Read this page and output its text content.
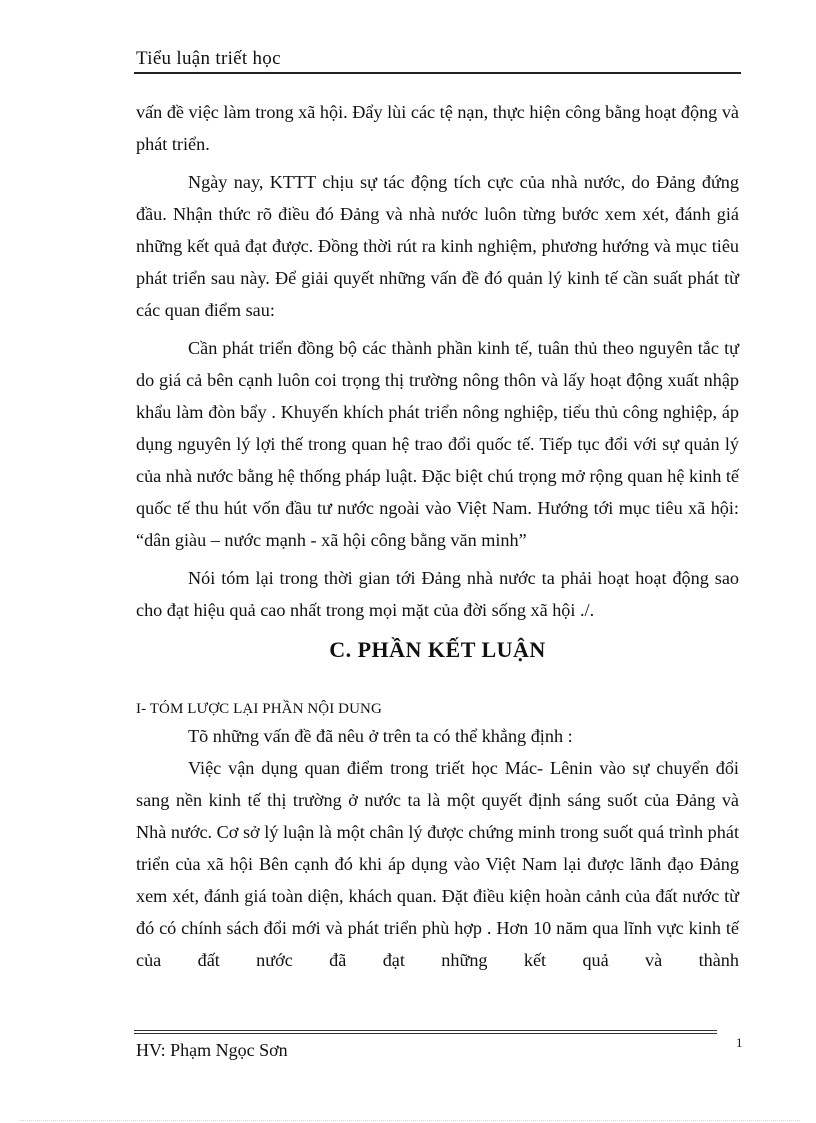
Tiểu luận triết học

vấn đề việc làm trong xã hội. Đẩy lùi các tệ nạn, thực hiện công bằng hoạt động và phát triển.

Ngày nay, KTTT chịu sự tác động tích cực của nhà nước, do Đảng đứng đầu. Nhận thức rõ điều đó Đảng và nhà nước luôn từng bước xem xét, đánh giá những kết quả đạt được. Đồng thời rút ra kinh nghiệm, phương hướng và mục tiêu phát triển sau này. Để giải quyết những vấn đề đó quản lý kinh tế cần suất phát từ các quan điểm sau:

Cần phát triển đồng bộ các thành phần kinh tế, tuân thủ theo nguyên tắc tự do giá cả bên cạnh luôn coi trọng thị trường nông thôn và lấy hoạt động xuất nhập khẩu làm đòn bẩy . Khuyến khích phát triển nông nghiệp, tiểu thủ công nghiệp, áp dụng nguyên lý lợi thế trong quan hệ trao đổi quốc tế. Tiếp tục đổi với sự quản lý của nhà nước bằng hệ thống pháp luật. Đặc biệt chú trọng mở rộng quan hệ kinh tế quốc tế thu hút vốn đầu tư nước ngoài vào Việt Nam. Hướng tới mục tiêu xã hội: “dân giàu – nước mạnh - xã hội công bằng văn minh”

Nói tóm lại trong thời gian tới Đảng nhà nước ta phải hoạt hoạt động sao cho đạt hiệu quả cao nhất trong mọi mặt của đời sống xã hội ./.

C. PHẦN KẾT LUẬN
I- TÓM LƯỢC LẠI PHẦN NỘI DUNG

Tõ những vấn đề đã nêu ở trên ta có thể khẳng định :

Việc vận dụng quan điểm trong triết học Mác- Lênin vào sự chuyển đổi sang nền kinh tế thị trường ở nước ta là một quyết định sáng suốt của Đảng và Nhà nước. Cơ sở lý luận là một chân lý được chứng minh trong suốt quá trình phát triển của xã hội Bên cạnh đó khi áp dụng vào Việt Nam lại được lãnh đạo Đảng xem xét, đánh giá toàn diện, khách quan. Đặt điều kiện hoàn cảnh của đất nước từ đó có chính sách đổi mới và phát triển phù hợp . Hơn 10 năm qua lĩnh vực kinh tế của đất nước đã đạt những kết quả và thành

HV: Phạm Ngọc Sơn	1
